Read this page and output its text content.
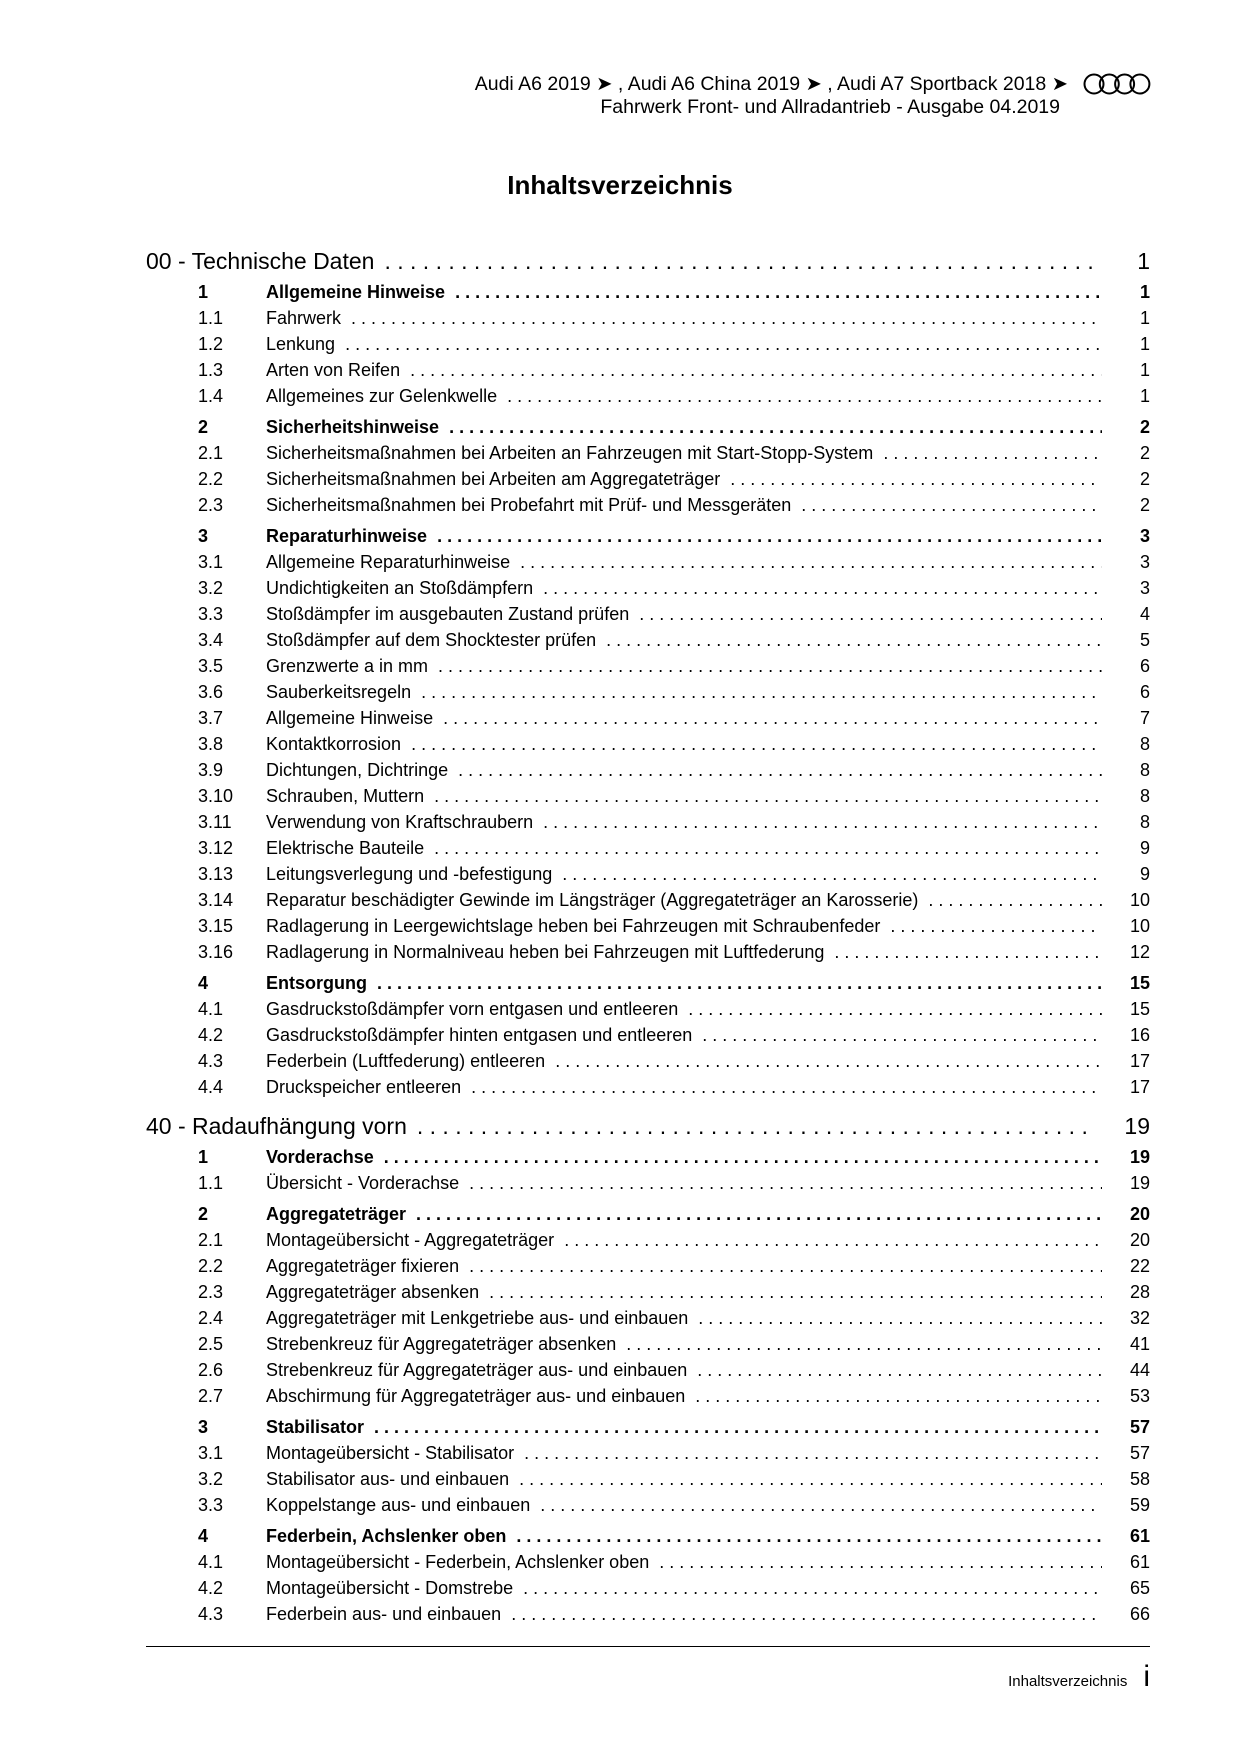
Audi A6 2019 ➤ , Audi A6 China 2019 ➤ , Audi A7 Sportback 2018 ➤
Fahrwerk Front- und Allradantrieb - Ausgabe 04.2019
Inhaltsverzeichnis
00 - Technische Daten . . .	1
1	Allgemeine Hinweise . . .	1
1.1	Fahrwerk . . .	1
1.2	Lenkung . . .	1
1.3	Arten von Reifen . . .	1
1.4	Allgemeines zur Gelenkwelle . . .	1
2	Sicherheitshinweise . . .	2
2.1	Sicherheitsmaßnahmen bei Arbeiten an Fahrzeugen mit Start-Stopp-System . . .	2
2.2	Sicherheitsmaßnahmen bei Arbeiten am Aggregateträger . . .	2
2.3	Sicherheitsmaßnahmen bei Probefahrt mit Prüf- und Messgeräten . . .	2
3	Reparaturhinweise . . .	3
3.1	Allgemeine Reparaturhinweise . . .	3
3.2	Undichtigkeiten an Stoßdämpfern . . .	3
3.3	Stoßdämpfer im ausgebauten Zustand prüfen . . .	4
3.4	Stoßdämpfer auf dem Shocktester prüfen . . .	5
3.5	Grenzwerte a in mm . . .	6
3.6	Sauberkeitsregeln . . .	6
3.7	Allgemeine Hinweise . . .	7
3.8	Kontaktkorrosion . . .	8
3.9	Dichtungen, Dichtringe . . .	8
3.10	Schrauben, Muttern . . .	8
3.11	Verwendung von Kraftschraubern . . .	8
3.12	Elektrische Bauteile . . .	9
3.13	Leitungsverlegung und -befestigung . . .	9
3.14	Reparatur beschädigter Gewinde im Längsträger (Aggregateträger an Karosserie) . . .	10
3.15	Radlagerung in Leergewichtslage heben bei Fahrzeugen mit Schraubenfeder . . .	10
3.16	Radlagerung in Normalniveau heben bei Fahrzeugen mit Luftfederung . . .	12
4	Entsorgung . . .	15
4.1	Gasdruckstoßdämpfer vorn entgasen und entleeren . . .	15
4.2	Gasdruckstoßdämpfer hinten entgasen und entleeren . . .	16
4.3	Federbein (Luftfederung) entleeren . . .	17
4.4	Druckspeicher entleeren . . .	17
40 - Radaufhängung vorn . . .	19
1	Vorderachse . . .	19
1.1	Übersicht - Vorderachse . . .	19
2	Aggregateträger . . .	20
2.1	Montageübersicht - Aggregateträger . . .	20
2.2	Aggregateträger fixieren . . .	22
2.3	Aggregateträger absenken . . .	28
2.4	Aggregateträger mit Lenkgetriebe aus- und einbauen . . .	32
2.5	Strebenkreuz für Aggregateträger absenken . . .	41
2.6	Strebenkreuz für Aggregateträger aus- und einbauen . . .	44
2.7	Abschirmung für Aggregateträger aus- und einbauen . . .	53
3	Stabilisator . . .	57
3.1	Montageübersicht - Stabilisator . . .	57
3.2	Stabilisator aus- und einbauen . . .	58
3.3	Koppelstange aus- und einbauen . . .	59
4	Federbein, Achslenker oben . . .	61
4.1	Montageübersicht - Federbein, Achslenker oben . . .	61
4.2	Montageübersicht - Domstrebe . . .	65
4.3	Federbein aus- und einbauen . . .	66
Inhaltsverzeichnis i
